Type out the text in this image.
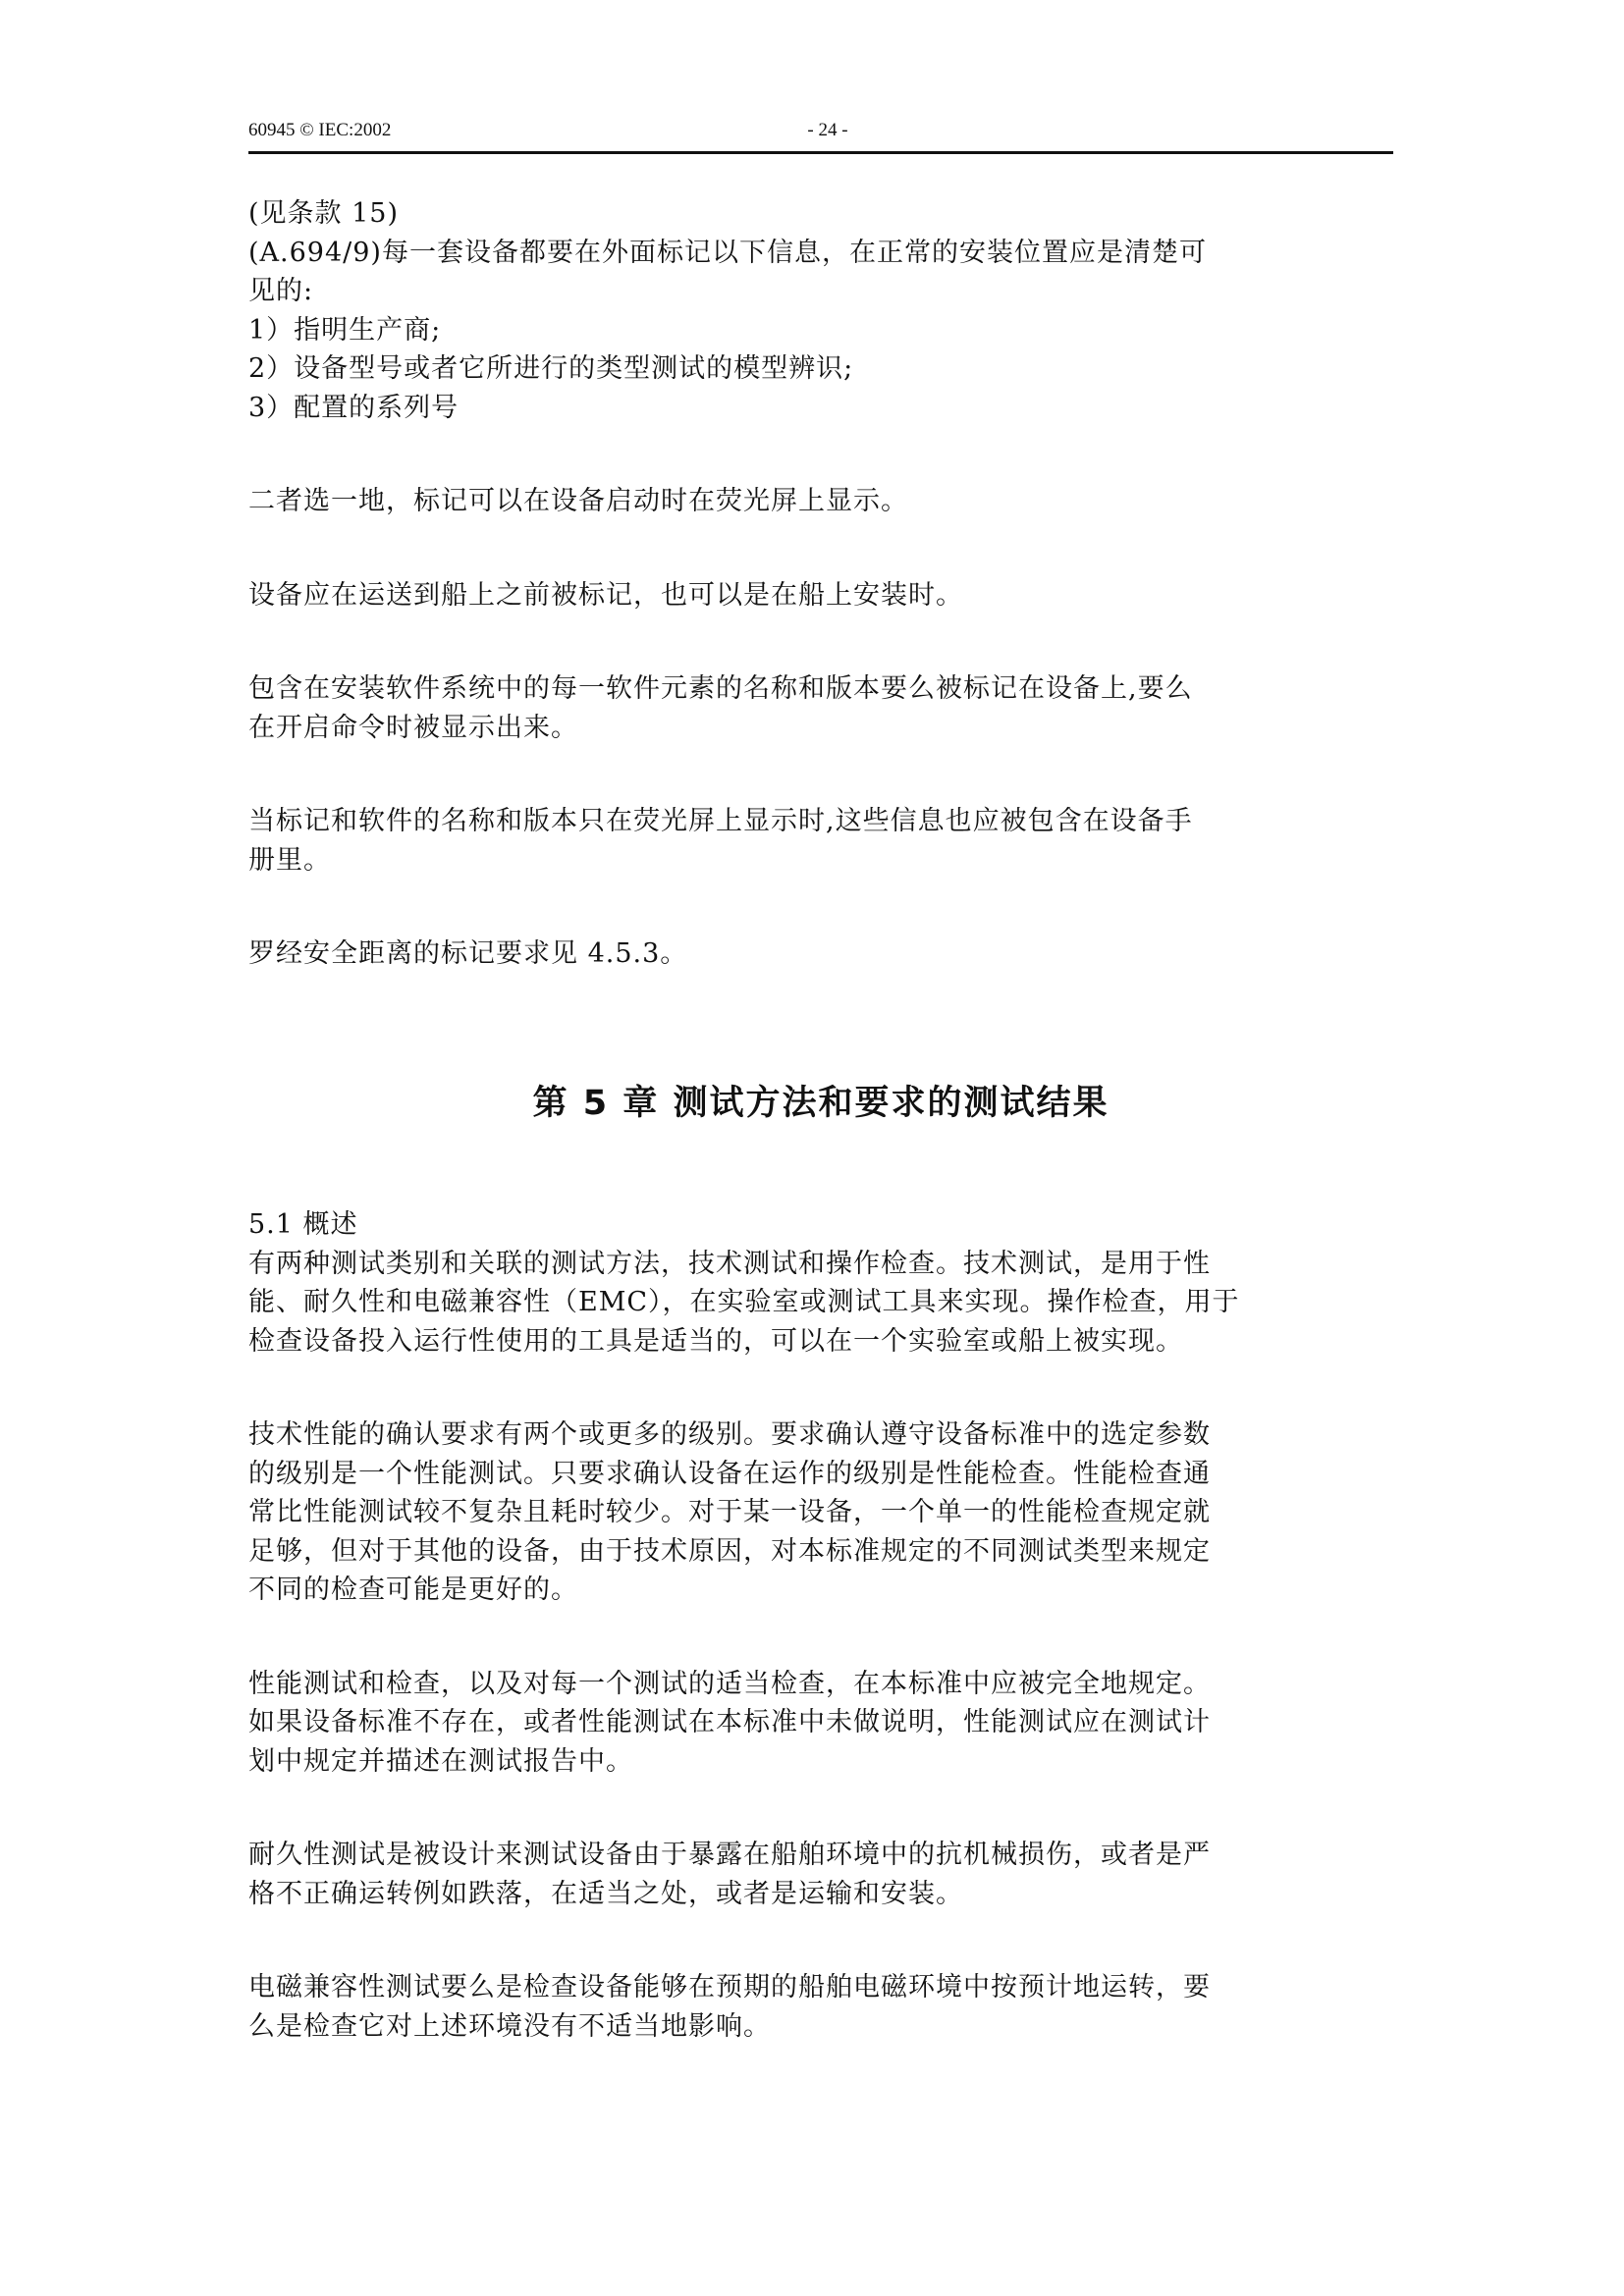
60945 © IEC:2002	- 24 -

(见条款 15)

(A.694/9)每一套设备都要在外面标记以下信息，在正常的安装位置应是清楚可

见的:

1）指明生产商;

2）设备型号或者它所进行的类型测试的模型辨识;

3）配置的系列号

二者选一地，标记可以在设备启动时在荧光屏上显示。

设备应在运送到船上之前被标记，也可以是在船上安装时。

包含在安装软件系统中的每一软件元素的名称和版本要么被标记在设备上,要么

在开启命令时被显示出来。

当标记和软件的名称和版本只在荧光屏上显示时,这些信息也应被包含在设备手

册里。

罗经安全距离的标记要求见 4.5.3。

第 5 章 测试方法和要求的测试结果

5.1 概述

有两种测试类别和关联的测试方法，技术测试和操作检查。技术测试，是用于性

能、耐久性和电磁兼容性（EMC），在实验室或测试工具来实现。操作检查，用于

检查设备投入运行性使用的工具是适当的，可以在一个实验室或船上被实现。

技术性能的确认要求有两个或更多的级别。要求确认遵守设备标准中的选定参数

的级别是一个性能测试。只要求确认设备在运作的级别是性能检查。性能检查通

常比性能测试较不复杂且耗时较少。对于某一设备，一个单一的性能检查规定就

足够，但对于其他的设备，由于技术原因，对本标准规定的不同测试类型来规定

不同的检查可能是更好的。

性能测试和检查，以及对每一个测试的适当检查，在本标准中应被完全地规定。

如果设备标准不存在，或者性能测试在本标准中未做说明，性能测试应在测试计

划中规定并描述在测试报告中。

耐久性测试是被设计来测试设备由于暴露在船舶环境中的抗机械损伤，或者是严

格不正确运转例如跌落，在适当之处，或者是运输和安装。

电磁兼容性测试要么是检查设备能够在预期的船舶电磁环境中按预计地运转，要

么是检查它对上述环境没有不适当地影响。
